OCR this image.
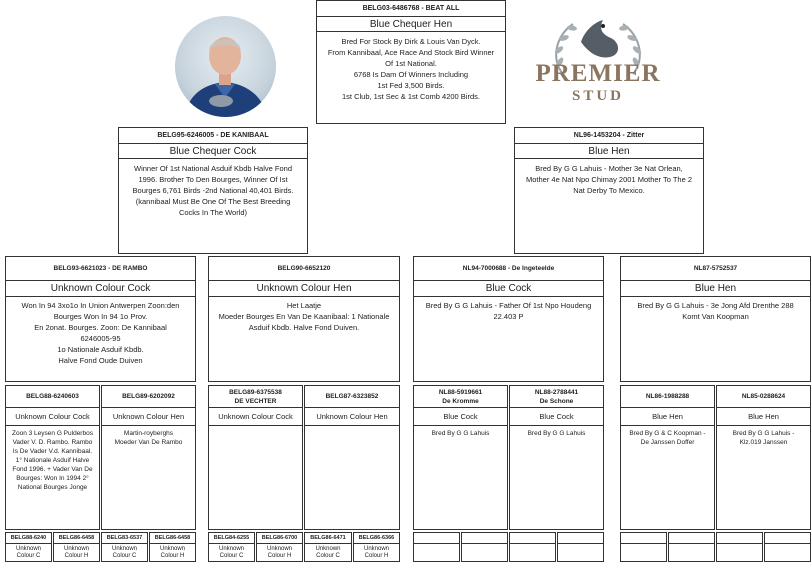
PREMIER
STUD
BELG03-6486768 - BEAT ALL
Blue Chequer Hen
Bred For Stock By Dirk & Louis Van Dyck.
From Kannibaal, Ace Race And Stock Bird Winner
Of 1st National.
6768 Is Dam Of Winners Including
1st Fed 3,500 Birds.
1st Club, 1st Sec & 1st Comb 4200 Birds.
BELG95-6246005 - DE KANIBAAL
Blue Chequer Cock
Winner Of 1st National Asduif Kbdb Halve Fond
1996. Brother To Den Bourges, Winner Of Ist
Bourges 6,761 Birds -2nd National 40,401 Birds.
(kannibaal Must Be One Of The Best Breeding
Cocks In The World)
NL96-1453204 - Zitter
Blue Hen
Bred By G G Lahuis - Mother 3e Nat Orlean,
Mother 4e Nat Npo Chimay 2001 Mother To The 2
Nat Derby To Mexico.
BELG93-6621023 - DE RAMBO
Unknown Colour Cock
Won In 94 3xo1o In Union Antwerpen Zoon:den
Bourges Won In 94 1o Prov.
En 2onat. Bourges. Zoon: De Kannibaal
6246005-95
1o Nationale Asduif Kbdb.
Halve Fond Oude Duiven
BELG90-6652120
Unknown Colour Hen
Het Laatje
Moeder Bourges En Van De Kaanibaal: 1 Nationale
Asduif Kbdb. Halve Fond Duiven.
NL94-7000688 - De Ingeteelde
Blue Cock
Bred By G G Lahuis - Father Of 1st Npo Houdeng
22.403 P
NL87-5752537
Blue Hen
Bred By G G Lahuis - 3e Jong Afd Drenthe 288
Komt Van Koopman
BELG88-6240603
Unknown Colour Cock
Zoon 3 Leysen G Pulderbos
Vader V. D. Rambo. Rambo
Is De Vader V.d. Kannibaal.
1° Nationale Asduif Halve
Fond 1996. + Vader Van De
Bourges: Won In 1994 2°
National Bourges Jonge
BELG89-6202092
Unknown Colour Hen
Martin-royberghs
Moeder Van De Rambo
BELG89-6375538
DE VECHTER
Unknown Colour Cock
BELG87-6323852
Unknown Colour Hen
NL88-5919661
De Kromme
Blue Cock
Bred By G G Lahuis
NL88-2788441
De Schone
Blue Cock
Bred By G G Lahuis
NL86-1988288
Blue Hen
Bred By G & C Koopman -
De Janssen Doffer
NL85-0288624
Blue Hen
Bred By G G Lahuis -
Klz.019 Janssen
BELG88-6240
Unknown
Colour C
BELG86-6458
Unknown
Colour H
BELG83-6537
Unknown
Colour C
BELG86-6458
Unknown
Colour H
BELG84-6255
Unknown
Colour C
BELG86-6700
Unknown
Colour H
BELG86-6471
Unknown
Colour C
BELG86-6366
Unknown
Colour H
